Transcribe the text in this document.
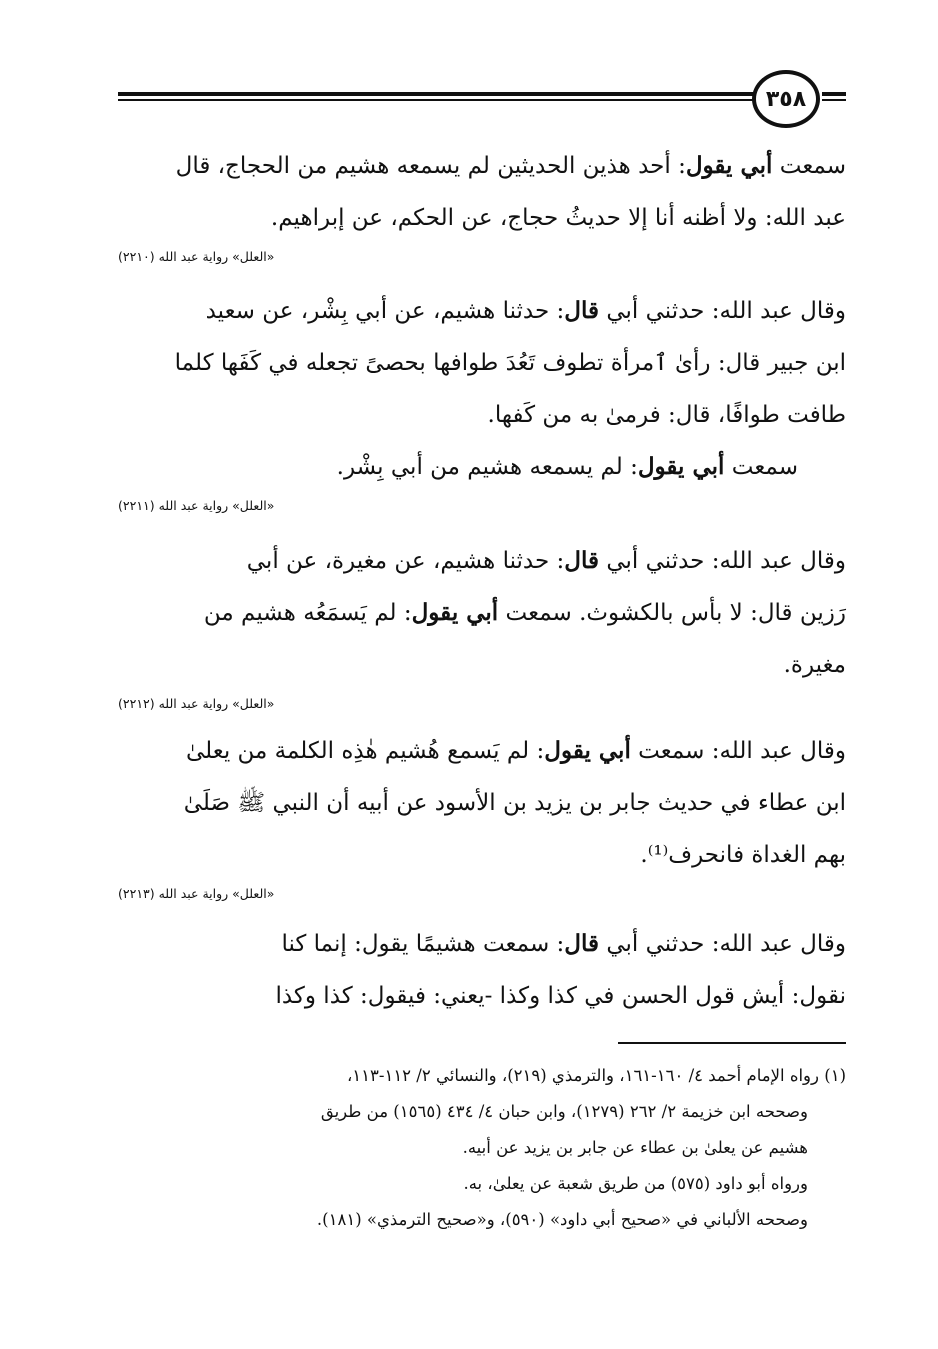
٣٥٨

سمعت أبي يقول: أحد هذين الحديثين لم يسمعه هشيم من الحجاج، قال

عبد الله: ولا أظنه أنا إلا حديثُ حجاج، عن الحكم، عن إبراهيم.

«العلل» رواية عبد الله (٢٢١٠)

وقال عبد الله: حدثني أبي قال: حدثنا هشيم، عن أبي بِشْر، عن سعيد

ابن جبير قال: رأىٰ ٱمرأة تطوف تَعُدَ طوافها بحصىً تجعله في كَفَها كلما

طافت طوافًا، قال: فرمىٰ به من كَفها.

سمعت أبي يقول: لم يسمعه هشيم من أبي بِشْر.

«العلل» رواية عبد الله (٢٢١١)

وقال عبد الله: حدثني أبي قال: حدثنا هشيم، عن مغيرة، عن أبي

رَزين قال: لا بأس بالكشوث. سمعت أبي يقول: لم يَسمَعُه هشيم من

مغيرة.

«العلل» رواية عبد الله (٢٢١٢)

وقال عبد الله: سمعت أبي يقول: لم يَسمع هُشيم هٰذِه الكلمة من يعلىٰ

ابن عطاء في حديث جابر بن يزيد بن الأسود عن أبيه أن النبي ﷺ صَلَىٰ

بهم الغداة فانحرف⁽¹⁾.

«العلل» رواية عبد الله (٢٢١٣)

وقال عبد الله: حدثني أبي قال: سمعت هشيمًا يقول: إنما كنا

نقول: أيش قول الحسن في كذا وكذا -يعني: فيقول: كذا وكذا

(١) رواه الإمام أحمد ٤/ ١٦٠-١٦١، والترمذي (٢١٩)، والنسائي ٢/ ١١٢-١١٣،

وصححه ابن خزيمة ٢/ ٢٦٢ (١٢٧٩)، وابن حبان ٤/ ٤٣٤ (١٥٦٥) من طريق

هشيم عن يعلىٰ بن عطاء عن جابر بن يزيد عن أبيه.

ورواه أبو داود (٥٧٥) من طريق شعبة عن يعلىٰ، به.

وصححه الألباني في «صحيح أبي داود» (٥٩٠)، و«صحيح الترمذي» (١٨١).
